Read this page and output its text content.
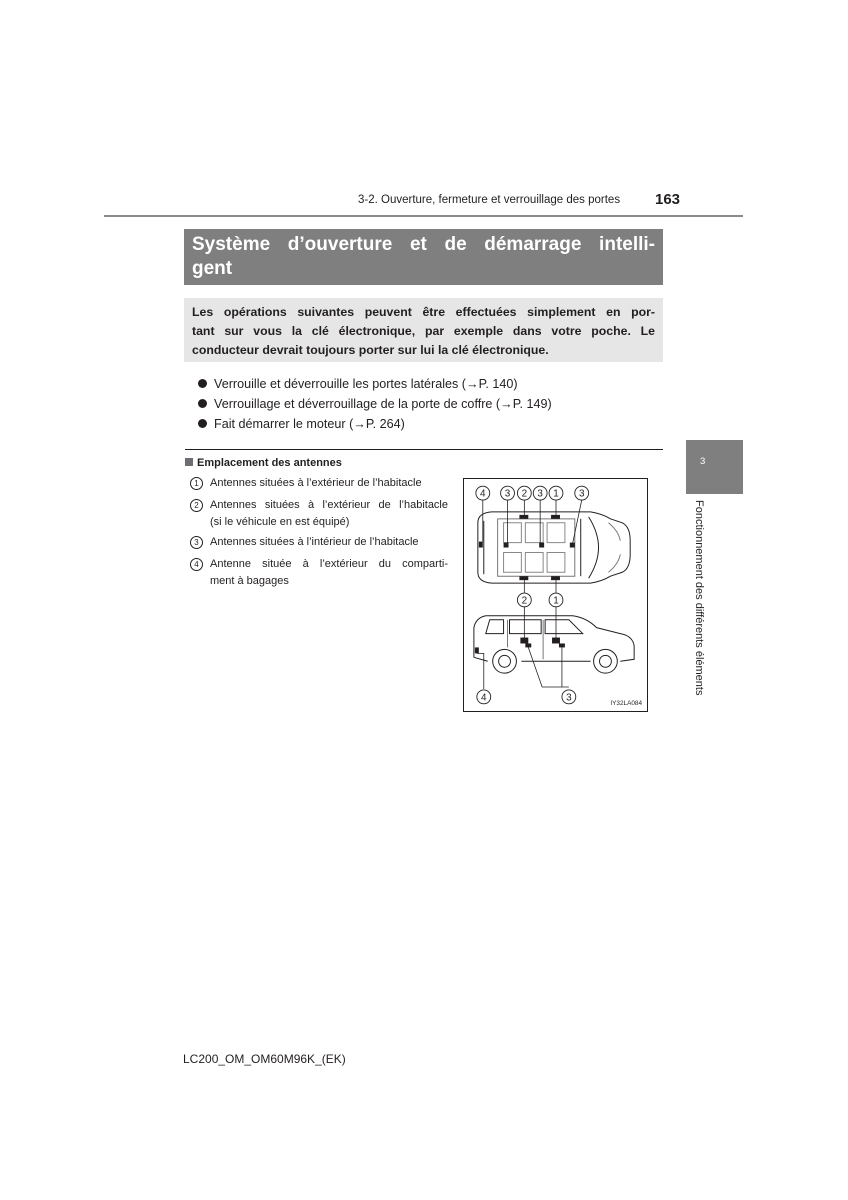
3-2. Ouverture, fermeture et verrouillage des portes 163
Système d’ouverture et de démarrage intelli-
gent
Les opérations suivantes peuvent être effectuées simplement en por-
tant sur vous la clé électronique, par exemple dans votre poche. Le
conducteur devrait toujours porter sur lui la clé électronique.
Verrouille et déverrouille les portes latérales (→P. 140)
Verrouillage et déverrouillage de la porte de coffre (→P. 149)
Fait démarrer le moteur (→P. 264)
Emplacement des antennes
1	Antennes situées à l’extérieur de l’habitacle
2	Antennes situées à l’extérieur de l’habitacle
(si le véhicule en est équipé)
3	Antennes situées à l’intérieur de l’habitacle
4	Antenne située à l’extérieur du comparti-
ment à bagages
4 3 2 3 1 3
2	1
4	3	IY32LA084
3
Fonctionnement des différents éléments
LC200_OM_OM60M96K_(EK)
